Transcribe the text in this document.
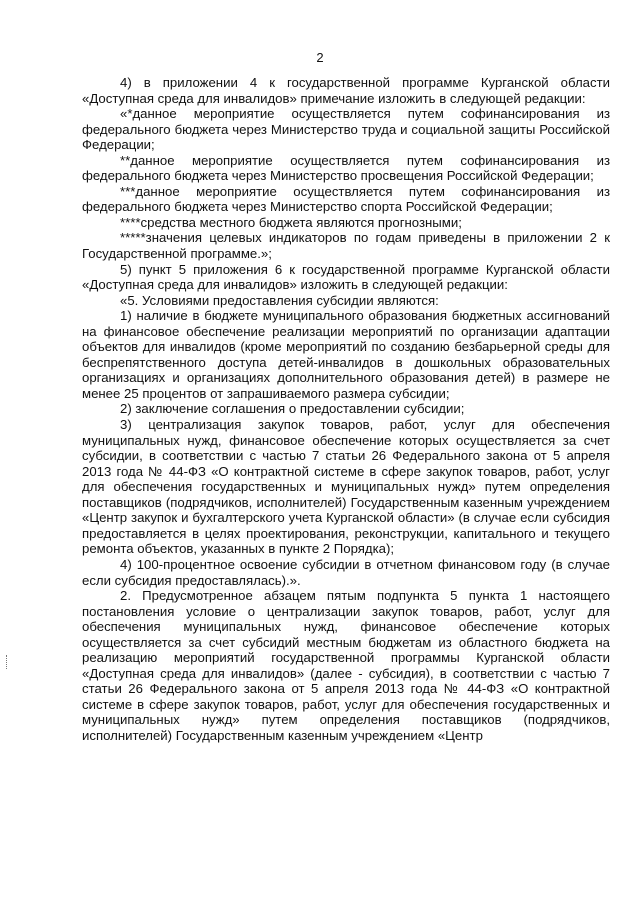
2

4) в приложении 4 к государственной программе Курганской области «Доступная среда для инвалидов» примечание изложить в следующей редакции:

«*данное мероприятие осуществляется путем софинансирования из федерального бюджета через Министерство труда и социальной защиты Российской Федерации;

**данное мероприятие осуществляется путем софинансирования из федерального бюджета через Министерство просвещения Российской Федерации;

***данное мероприятие осуществляется путем софинансирования из федерального бюджета через Министерство спорта Российской Федерации;

****средства местного бюджета являются прогнозными;

*****значения целевых индикаторов по годам приведены в приложении 2 к Государственной программе.»;

5) пункт 5 приложения 6 к государственной программе Курганской области «Доступная среда для инвалидов» изложить в следующей редакции:

«5. Условиями предоставления субсидии являются:

1) наличие в бюджете муниципального образования бюджетных ассигнований на финансовое обеспечение реализации мероприятий по организации адаптации объектов для инвалидов (кроме мероприятий по созданию безбарьерной среды для беспрепятственного доступа детей-инвалидов в дошкольных образовательных организациях и организациях дополнительного образования детей) в размере не менее 25 процентов от запрашиваемого размера субсидии;

2) заключение соглашения о предоставлении субсидии;

3) централизация закупок товаров, работ, услуг для обеспечения муниципальных нужд, финансовое обеспечение которых осуществляется за счет субсидии, в соответствии с частью 7 статьи 26 Федерального закона от 5 апреля 2013 года № 44-ФЗ «О контрактной системе в сфере закупок товаров, работ, услуг для обеспечения государственных и муниципальных нужд» путем определения поставщиков (подрядчиков, исполнителей) Государственным казенным учреждением «Центр закупок и бухгалтерского учета Курганской области» (в случае если субсидия предоставляется в целях проектирования, реконструкции, капитального и текущего ремонта объектов, указанных в пункте 2 Порядка);

4) 100-процентное освоение субсидии в отчетном финансовом году (в случае если субсидия предоставлялась).».

2. Предусмотренное абзацем пятым подпункта 5 пункта 1 настоящего постановления условие о централизации закупок товаров, работ, услуг для обеспечения муниципальных нужд, финансовое обеспечение которых осуществляется за счет субсидий местным бюджетам из областного бюджета на реализацию мероприятий государственной программы Курганской области «Доступная среда для инвалидов» (далее - субсидия), в соответствии с частью 7 статьи 26 Федерального закона от 5 апреля 2013 года № 44-ФЗ «О контрактной системе в сфере закупок товаров, работ, услуг для обеспечения государственных и муниципальных нужд» путем определения поставщиков (подрядчиков, исполнителей) Государственным казенным учреждением «Центр
